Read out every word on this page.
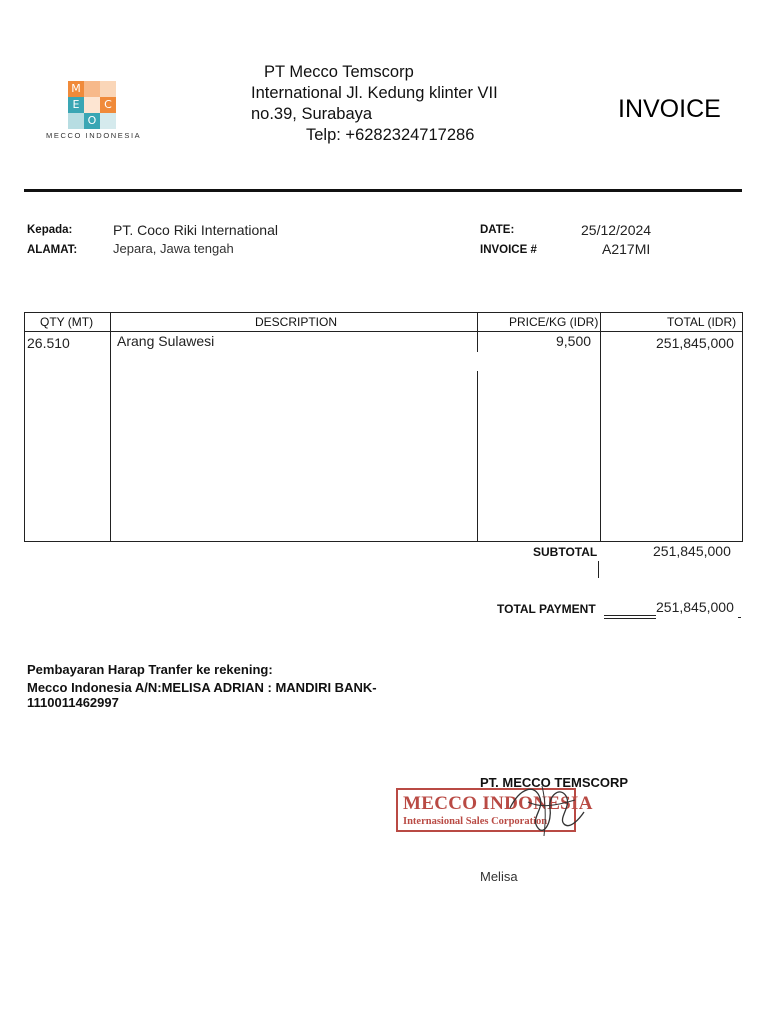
M
C
E
O
MECCO INDONESIA
PT Mecco Temscorp
International Jl. Kedung klinter VII
no.39, Surabaya
Telp: +6282324717286
INVOICE
Kepada:	PT. Coco Riki International
ALAMAT:	Jepara, Jawa tengah
DATE:	25/12/2024
INVOICE #	A217MI
QTY (MT)	DESCRIPTION	PRICE/KG (IDR)	TOTAL (IDR)
26.510	Arang Sulawesi	9,500	251,845,000
SUBTOTAL	251,845,000
TOTAL PAYMENT	251,845,000
Pembayaran Harap Tranfer ke rekening:
Mecco Indonesia A/N:MELISA ADRIAN : MANDIRI BANK-
1110011462997
PT. MECCO TEMSCORP
MECCO INDONESIA
Internasional Sales Corporation
Melisa
